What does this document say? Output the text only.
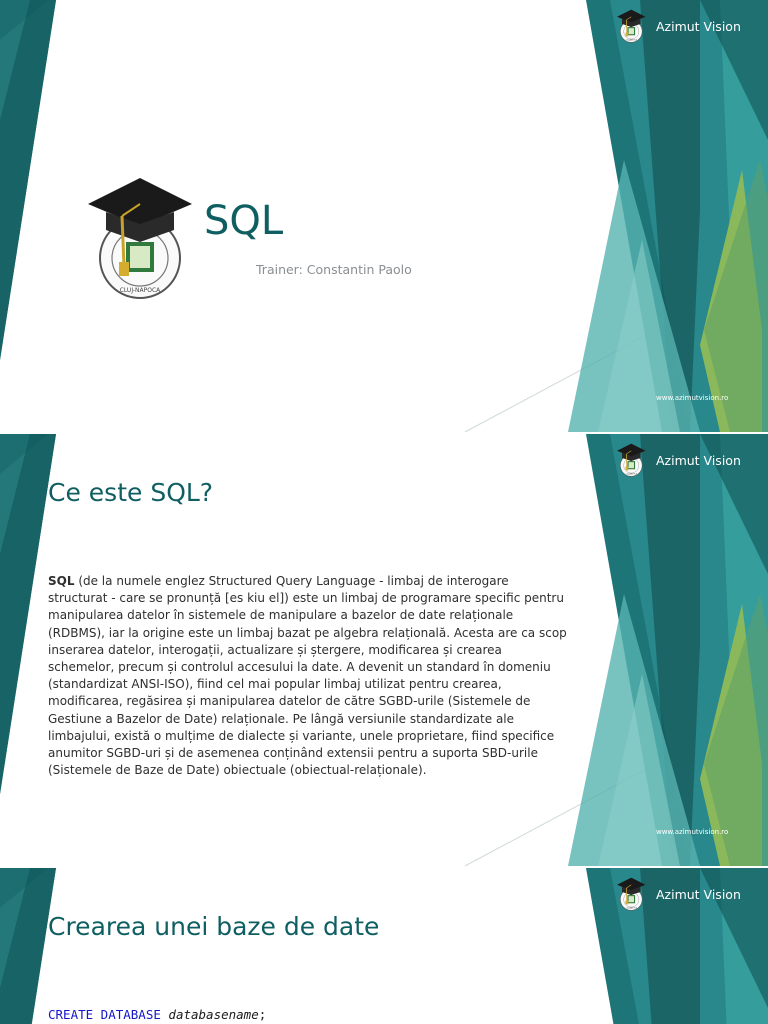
Azimut Vision
SQL
Trainer: Constantin Paolo
www.azimutvision.ro
Azimut Vision
Ce este SQL?
SQL (de la numele englez Structured Query Language - limbaj de interogare structurat - care se pronunță [es kiu el]) este un limbaj de programare specific pentru manipularea datelor în sistemele de manipulare a bazelor de date relaționale (RDBMS), iar la origine este un limbaj bazat pe algebra relațională. Acesta are ca scop inserarea datelor, interogații, actualizare și ștergere, modificarea și crearea schemelor, precum și controlul accesului la date. A devenit un standard în domeniu (standardizat ANSI-ISO), fiind cel mai popular limbaj utilizat pentru crearea, modificarea, regăsirea și manipularea datelor de către SGBD-urile (Sistemele de Gestiune a Bazelor de Date) relaționale. Pe lângă versiunile standardizate ale limbajului, există o mulțime de dialecte și variante, unele proprietare, fiind specifice anumitor SGBD-uri și de asemenea conținând extensii pentru a suporta SBD-urile (Sistemele de Baze de Date) obiectuale (obiectual-relaționale).
www.azimutvision.ro
Azimut Vision
Crearea unei baze de date
CREATE DATABASE databasename;
